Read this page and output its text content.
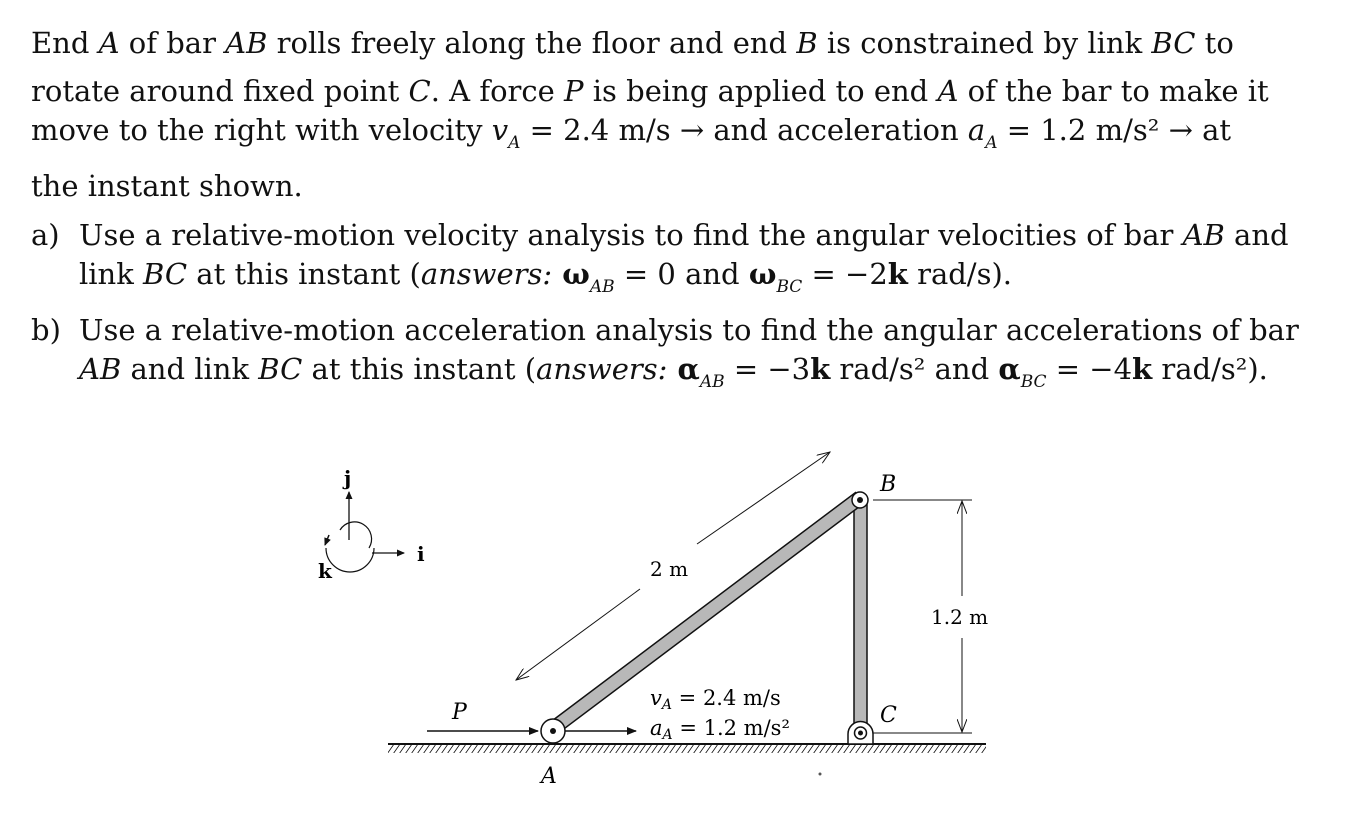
End A of bar AB rolls freely along the floor and end B is constrained by link BC to
rotate around fixed point C. A force P is being applied to end A of the bar to make it
move to the right with velocity $v_A = 2.4$ m/s → and acceleration $a_A = 1.2$ m/s² → at
the instant shown.
a) Use a relative-motion velocity analysis to find the angular velocities of bar AB and
link BC at this instant (answers: $\omega_{AB} = 0$ and $\omega_{BC} = -2k$ rad/s).
b) Use a relative-motion acceleration analysis to find the angular accelerations of bar
AB and link BC at this instant (answers: $\alpha_{AB} = -3k$ rad/s² and $\alpha_{BC} = -4k$ rad/s²).
j
i
k
P
2 m
1.2 m
B
C
A
vA = 2.4 m/s
aA = 1.2 m/s²
